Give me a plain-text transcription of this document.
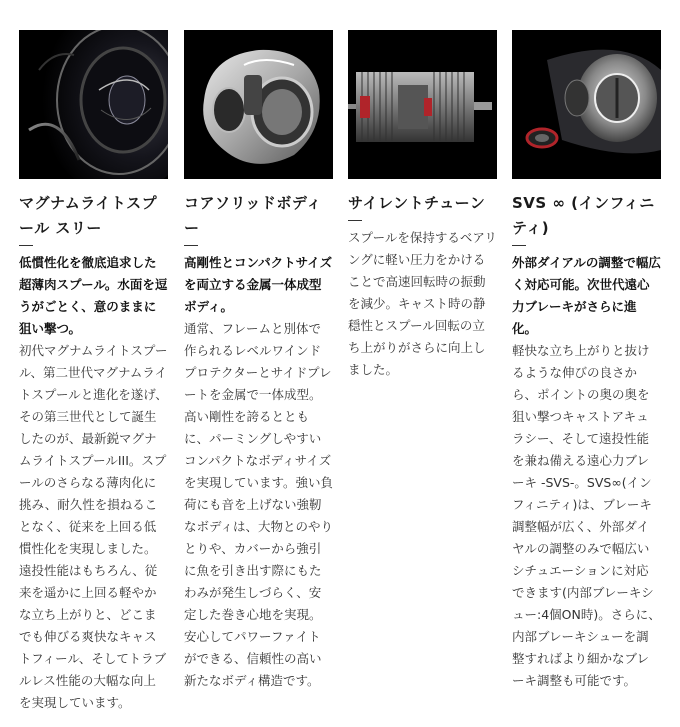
マグナムライトスプール スリー

低慣性化を徹底追求した超薄肉スプール。水面を逗うがごとく、意のままに狙い撃つ。

初代マグナムライトスプール、第二世代マグナムライトスプールと進化を遂げ、その第三世代として誕生したのが、最新鋭マグナムライトスプールIII。スプールのさらなる薄肉化に挑み、耐久性を損ねることなく、従来を上回る低慣性化を実現しました。遠投性能はもちろん、従来を遥かに上回る軽やかな立ち上がりと、どこまでも伸びる爽快なキャストフィール、そしてトラブルレス性能の大幅な向上を実現しています。

コアソリッドボディー

高剛性とコンパクトサイズを両立する金属一体成型ボディ。

通常、フレームと別体で作られるレベルワインドプロテクターとサイドプレートを金属で一体成型。高い剛性を誇るとともに、パーミングしやすいコンパクトなボディサイズを実現しています。強い負荷にも音を上げない強靭なボディは、大物とのやりとりや、カバーから強引に魚を引き出す際にもたわみが発生しづらく、安定した巻き心地を実現。安心してパワーファイトができる、信頼性の高い新たなボディ構造です。

サイレントチューン

スプールを保持するベアリングに軽い圧力をかけることで高速回転時の振動を減少。キャスト時の静穏性とスプール回転の立ち上がりがさらに向上しました。

SVS ∞ (インフィニティ)

外部ダイアルの調整で幅広く対応可能。次世代遠心力ブレーキがさらに進化。

軽快な立ち上がりと抜けるような伸びの良さから、ポイントの奥の奥を狙い撃つキャストアキュラシー、そして遠投性能を兼ね備える遠心力ブレーキ -SVS-。SVS∞(インフィニティ)は、ブレーキ調整幅が広く、外部ダイヤルの調整のみで幅広いシチュエーションに対応できます(内部ブレーキシュー:4個ON時)。さらに、内部ブレーキシューを調整すればより細かなブレーキ調整も可能です。
